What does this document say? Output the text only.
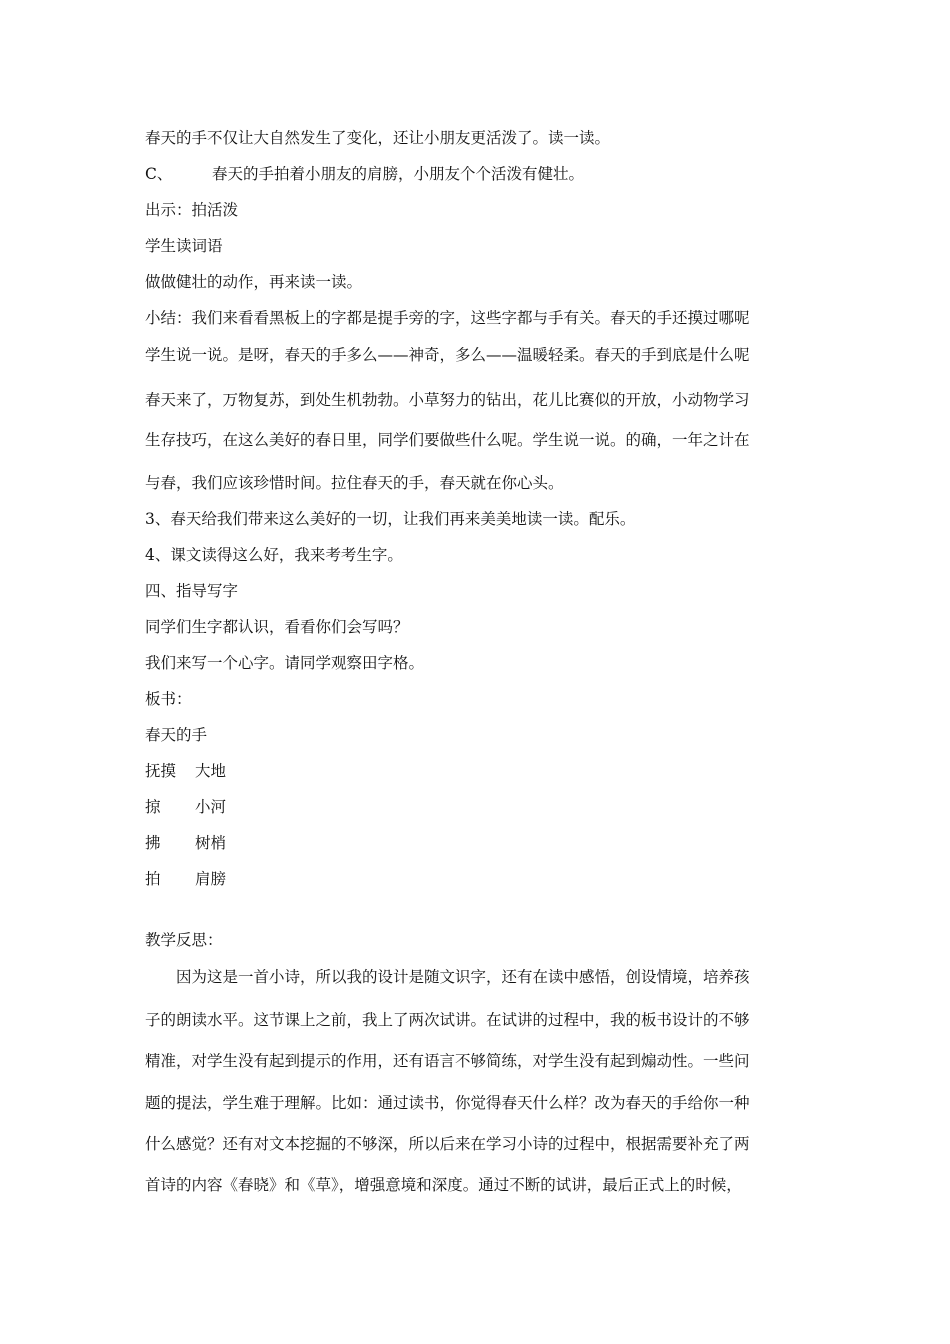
春天的手不仅让大自然发生了变化，还让小朋友更活泼了。读一读。

C、	春天的手拍着小朋友的肩膀，小朋友个个活泼有健壮。

出示：拍活泼

学生读词语

做做健壮的动作，再来读一读。

小结：我们来看看黑板上的字都是提手旁的字，这些字都与手有关。春天的手还摸过哪呢

学生说一说。是呀，春天的手多么——神奇，多么——温暖轻柔。春天的手到底是什么呢

春天来了，万物复苏，到处生机勃勃。小草努力的钻出，花儿比赛似的开放，小动物学习

生存技巧，在这么美好的春日里，同学们要做些什么呢。学生说一说。的确，一年之计在

与春，我们应该珍惜时间。拉住春天的手，春天就在你心头。

3、春天给我们带来这么美好的一切，让我们再来美美地读一读。配乐。

4、课文读得这么好，我来考考生字。

四、指导写字

同学们生字都认识，看看你们会写吗？

我们来写一个心字。请同学观察田字格。

板书：

春天的手

抚摸 大地

掠 小河

拂 树梢

拍 肩膀

教学反思：

因为这是一首小诗，所以我的设计是随文识字，还有在读中感悟，创设情境，培养孩

子的朗读水平。这节课上之前，我上了两次试讲。在试讲的过程中，我的板书设计的不够

精准，对学生没有起到提示的作用，还有语言不够简练，对学生没有起到煽动性。一些问

题的提法，学生难于理解。比如：通过读书，你觉得春天什么样？改为春天的手给你一种

什么感觉？还有对文本挖掘的不够深，所以后来在学习小诗的过程中，根据需要补充了两

首诗的内容《春晓》和《草》，增强意境和深度。通过不断的试讲，最后正式上的时候，
